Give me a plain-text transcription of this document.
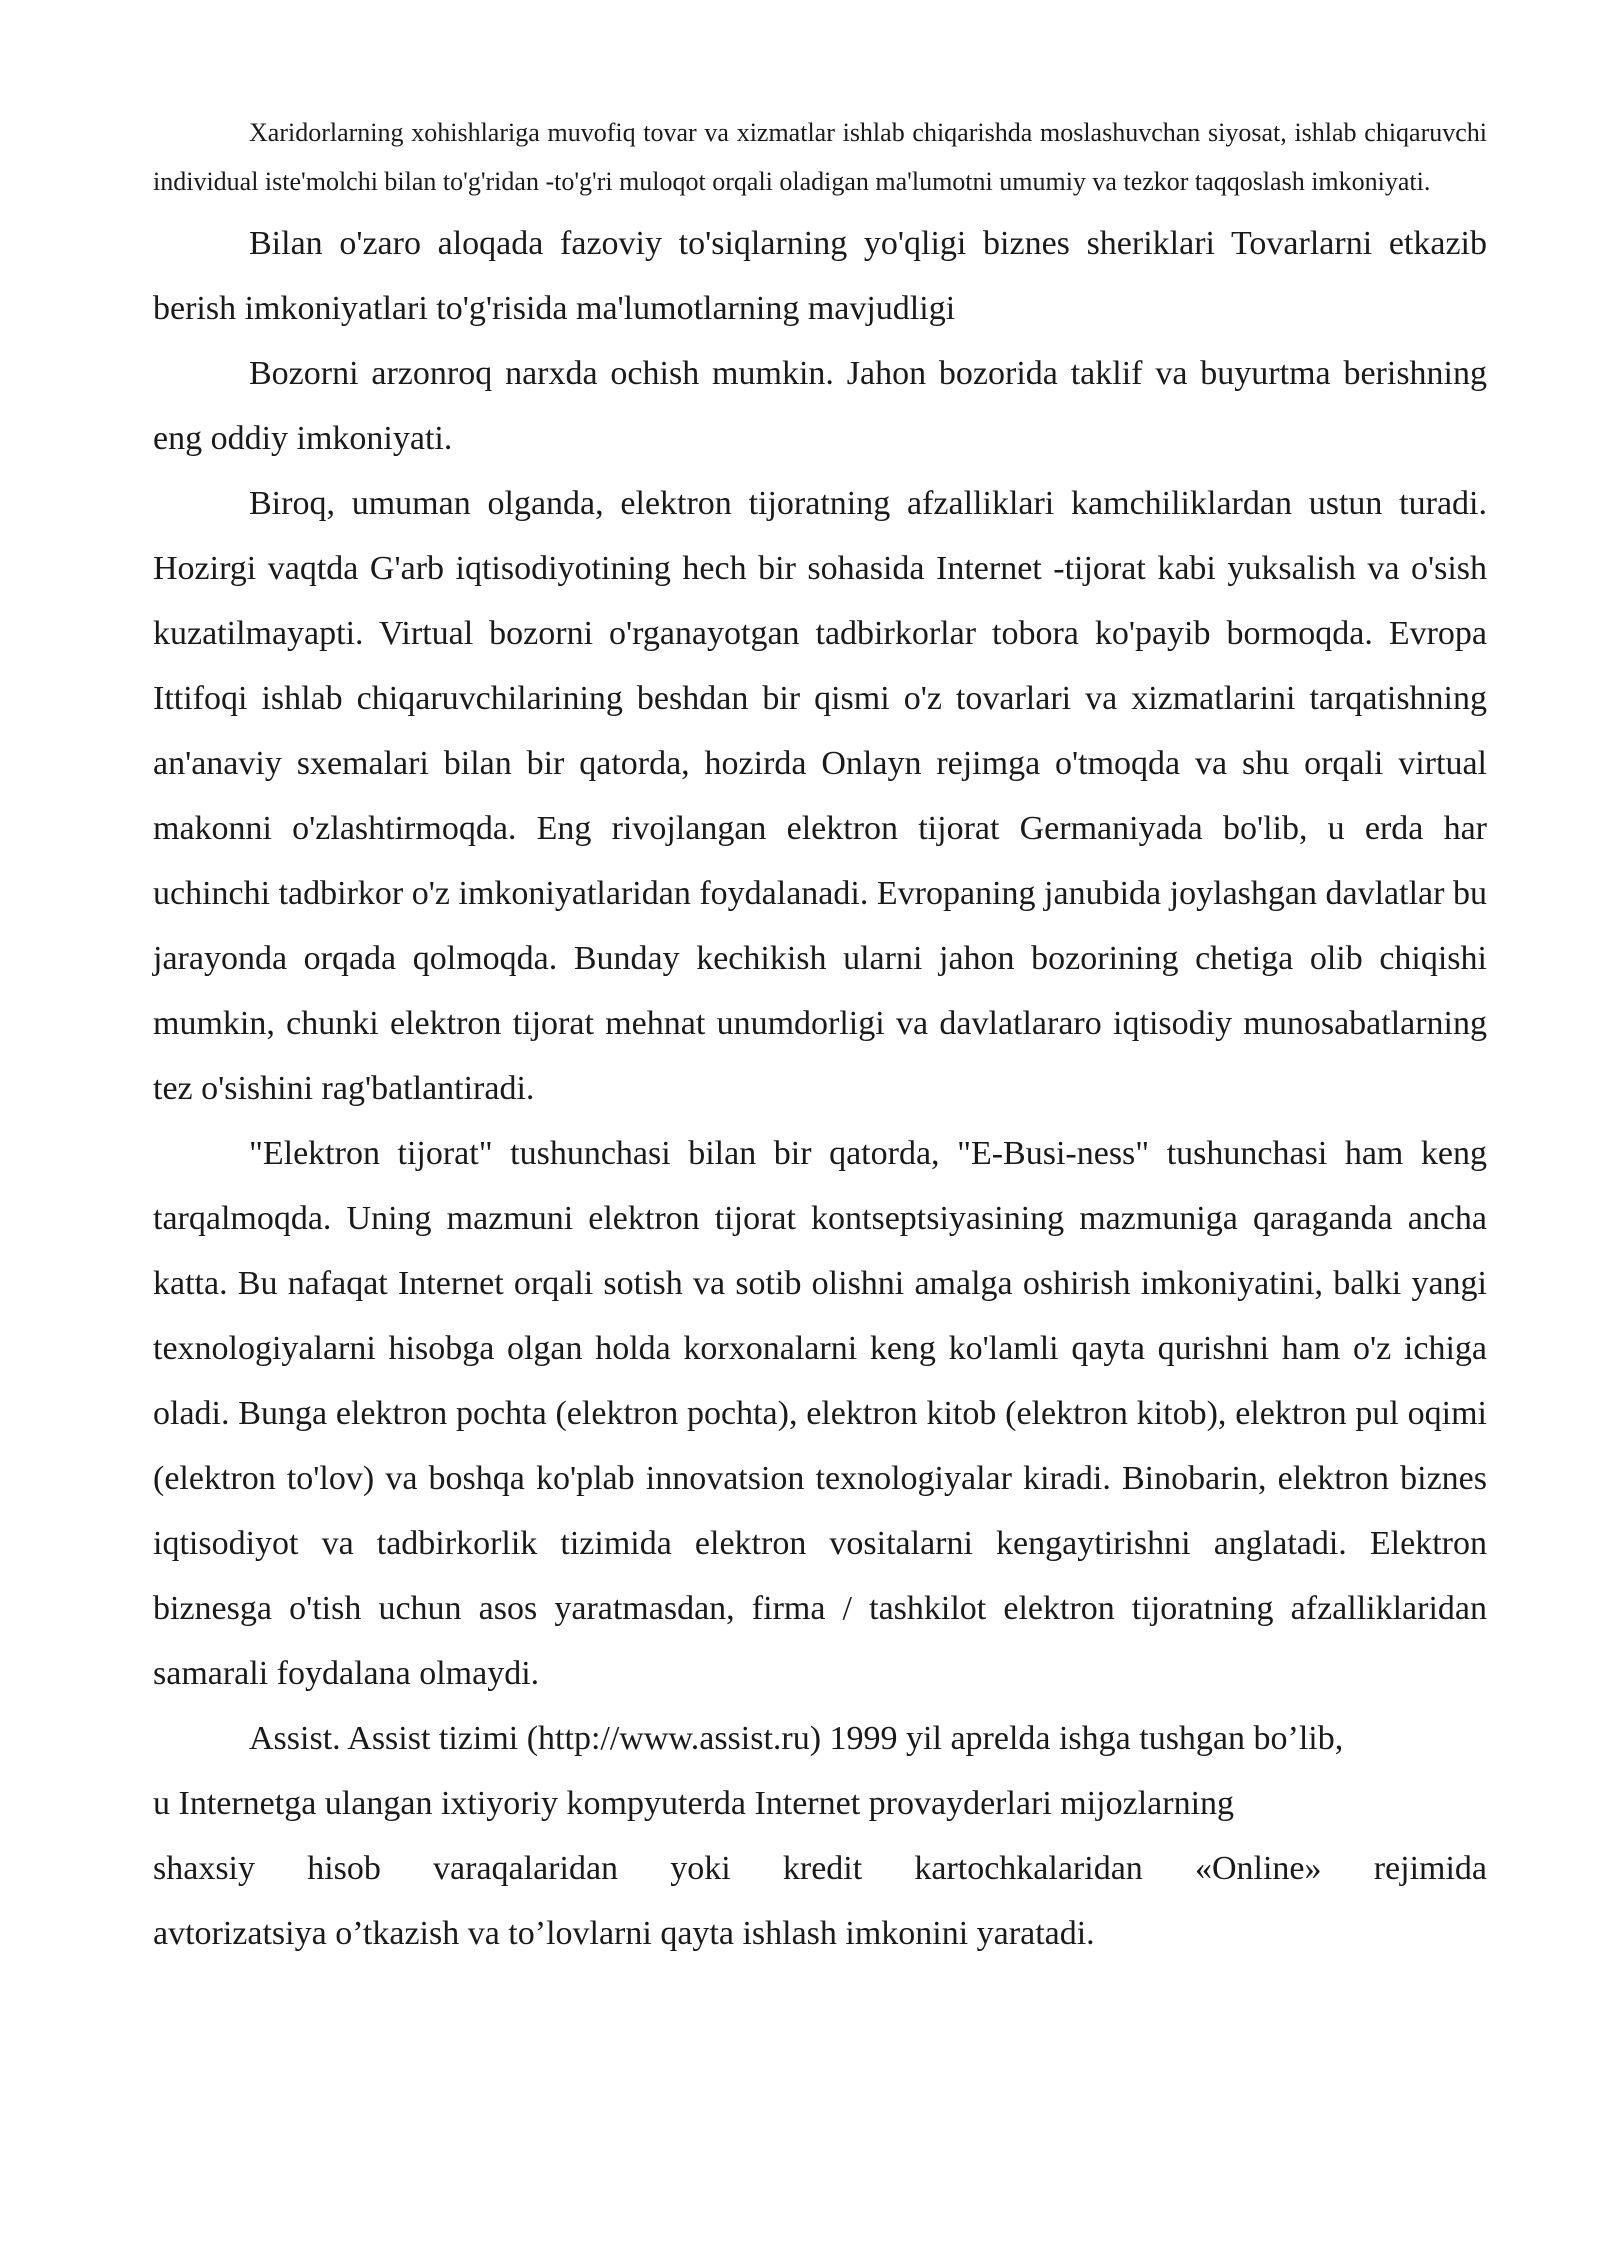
Xaridorlarning xohishlariga muvofiq tovar va xizmatlar ishlab chiqarishda moslashuvchan siyosat, ishlab chiqaruvchi individual iste'molchi bilan to'g'ridan -to'g'ri muloqot orqali oladigan ma'lumotni umumiy va tezkor taqqoslash imkoniyati.

Bilan o'zaro aloqada fazoviy to'siqlarning yo'qligi biznes sheriklari Tovarlarni etkazib berish imkoniyatlari to'g'risida ma'lumotlarning mavjudligi

Bozorni arzonroq narxda ochish mumkin. Jahon bozorida taklif va buyurtma berishning eng oddiy imkoniyati.

Biroq, umuman olganda, elektron tijoratning afzalliklari kamchiliklardan ustun turadi. Hozirgi vaqtda G'arb iqtisodiyotining hech bir sohasida Internet -tijorat kabi yuksalish va o'sish kuzatilmayapti. Virtual bozorni o'rganayotgan tadbirkorlar tobora ko'payib bormoqda. Evropa Ittifoqi ishlab chiqaruvchilarining beshdan bir qismi o'z tovarlari va xizmatlarini tarqatishning an'anaviy sxemalari bilan bir qatorda, hozirda Onlayn rejimga o'tmoqda va shu orqali virtual makonni o'zlashtirmoqda. Eng rivojlangan elektron tijorat Germaniyada bo'lib, u erda har uchinchi tadbirkor o'z imkoniyatlaridan foydalanadi. Evropaning janubida joylashgan davlatlar bu jarayonda orqada qolmoqda. Bunday kechikish ularni jahon bozorining chetiga olib chiqishi mumkin, chunki elektron tijorat mehnat unumdorligi va davlatlararo iqtisodiy munosabatlarning tez o'sishini rag'batlantiradi.

"Elektron tijorat" tushunchasi bilan bir qatorda, "E-Busi-ness" tushunchasi ham keng tarqalmoqda. Uning mazmuni elektron tijorat kontseptsiyasining mazmuniga qaraganda ancha katta. Bu nafaqat Internet orqali sotish va sotib olishni amalga oshirish imkoniyatini, balki yangi texnologiyalarni hisobga olgan holda korxonalarni keng ko'lamli qayta qurishni ham o'z ichiga oladi. Bunga elektron pochta (elektron pochta), elektron kitob (elektron kitob), elektron pul oqimi (elektron to'lov) va boshqa ko'plab innovatsion texnologiyalar kiradi. Binobarin, elektron biznes iqtisodiyot va tadbirkorlik tizimida elektron vositalarni kengaytirishni anglatadi. Elektron biznesga o'tish uchun asos yaratmasdan, firma / tashkilot elektron tijoratning afzalliklaridan samarali foydalana olmaydi.

Assist. Assist tizimi (http://www.assist.ru) 1999 yil aprelda ishga tushgan bo’lib,
u Internetga ulangan ixtiyoriy kompyuterda Internet provayderlari mijozlarning
shaxsiy hisob varaqalaridan yoki kredit kartochkalaridan «Online» rejimida
avtorizatsiya o’tkazish va to’lovlarni qayta ishlash imkonini yaratadi.
